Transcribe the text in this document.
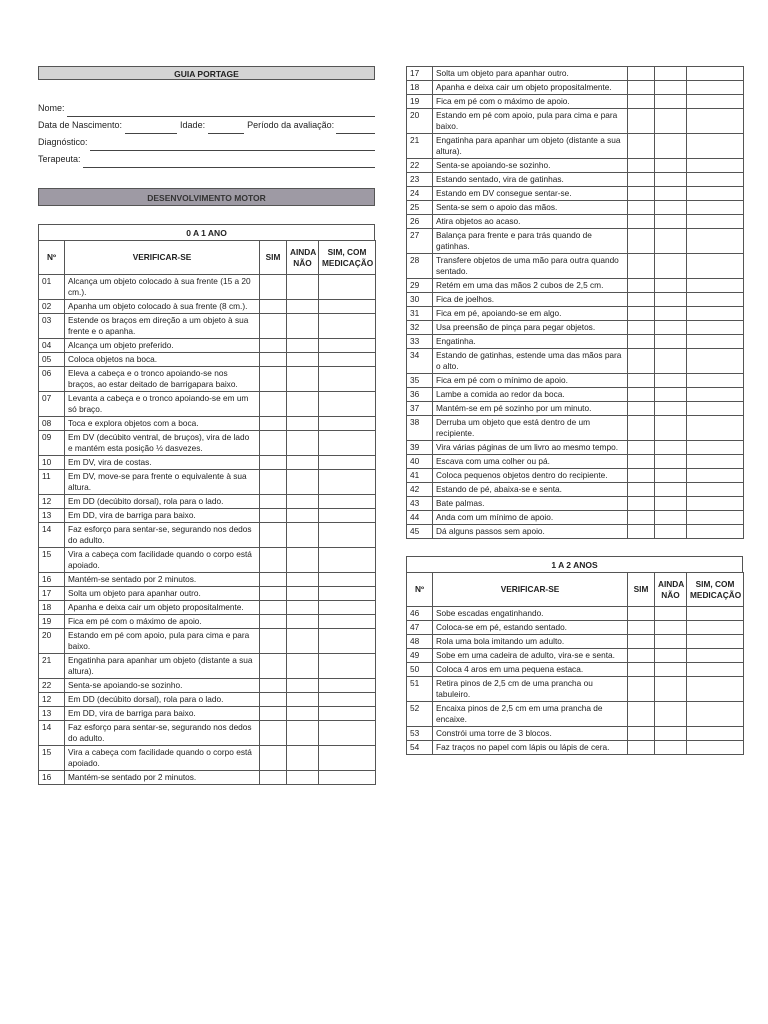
GUIA PORTAGE
Nome:
Data de Nascimento:	Idade:	Período da avaliação:
Diagnóstico:
Terapeuta:
DESENVOLVIMENTO MOTOR
0 A 1 ANO
Nº	VERIFICAR-SE	SIM	AINDA NÃO	SIM, COM MEDICAÇÃO
01	Alcança um objeto colocado à sua frente (15 a 20 cm.).			
02	Apanha um objeto colocado à sua frente (8 cm.).			
03	Estende os braços em direção a um objeto à sua frente e o apanha.			
04	Alcança um objeto preferido.			
05	Coloca objetos na boca.			
06	Eleva a cabeça e o tronco apoiando-se nos braços, ao estar deitado de barrigapara baixo.			
07	Levanta a cabeça e o tronco apoiando-se em um só braço.			
08	Toca e explora objetos com a boca.			
09	Em DV (decúbito ventral, de bruços), vira de lado e mantém esta posição ½ dasvezes.			
10	Em DV, vira de costas.			
11	Em DV, move-se para frente o equivalente à sua altura.			
12	Em DD (decúbito dorsal), rola para o lado.			
13	Em DD, vira de barriga para baixo.			
14	Faz esforço para sentar-se, segurando nos dedos do adulto.			
15	Vira a cabeça com facilidade quando o corpo está apoiado.			
16	Mantém-se sentado por 2 minutos.			
17	Solta um objeto para apanhar outro.			
18	Apanha e deixa cair um objeto propositalmente.			
19	Fica em pé com o máximo de apoio.			
20	Estando em pé com apoio, pula para cima e para baixo.			
21	Engatinha para apanhar um objeto (distante a sua altura).			
22	Senta-se apoiando-se sozinho.			
12	Em DD (decúbito dorsal), rola para o lado.			
13	Em DD, vira de barriga para baixo.			
14	Faz esforço para sentar-se, segurando nos dedos do adulto.			
15	Vira a cabeça com facilidade quando o corpo está apoiado.			
16	Mantém-se sentado por 2 minutos.			
17	Solta um objeto para apanhar outro.			
18	Apanha e deixa cair um objeto propositalmente.			
19	Fica em pé com o máximo de apoio.			
20	Estando em pé com apoio, pula para cima e para baixo.			
21	Engatinha para apanhar um objeto (distante a sua altura).			
22	Senta-se apoiando-se sozinho.			
23	Estando sentado, vira de gatinhas.			
24	Estando em DV consegue sentar-se.			
25	Senta-se sem o apoio das mãos.			
26	Atira objetos ao acaso.			
27	Balança para frente e para trás quando de gatinhas.			
28	Transfere objetos de uma mão para outra quando sentado.			
29	Retém em uma das mãos 2 cubos de 2,5 cm.			
30	Fica de joelhos.			
31	Fica em pé, apoiando-se em algo.			
32	Usa preensão de pinça para pegar objetos.			
33	Engatinha.			
34	Estando de gatinhas, estende uma das mãos para o alto.			
35	Fica em pé com o mínimo de apoio.			
36	Lambe a comida ao redor da boca.			
37	Mantém-se em pé sozinho por um minuto.			
38	Derruba um objeto que está dentro de um recipiente.			
39	Vira várias páginas de um livro ao mesmo tempo.			
40	Escava com uma colher ou pá.			
41	Coloca pequenos objetos dentro do recipiente.			
42	Estando de pé, abaixa-se e senta.			
43	Bate palmas.			
44	Anda com um mínimo de apoio.			
45	Dá alguns passos sem apoio.			
1 A 2 ANOS
Nº	VERIFICAR-SE	SIM	AINDA NÃO	SIM, COM MEDICAÇÃO
46	Sobe escadas engatinhando.			
47	Coloca-se em pé, estando sentado.			
48	Rola uma bola imitando um adulto.			
49	Sobe em uma cadeira de adulto, vira-se e senta.			
50	Coloca 4 aros em uma pequena estaca.			
51	Retira pinos de 2,5 cm de uma prancha ou tabuleiro.			
52	Encaixa pinos de 2,5 cm em uma prancha de encaixe.			
53	Constrói uma torre de 3 blocos.			
54	Faz traços no papel com lápis ou lápis de cera.			
